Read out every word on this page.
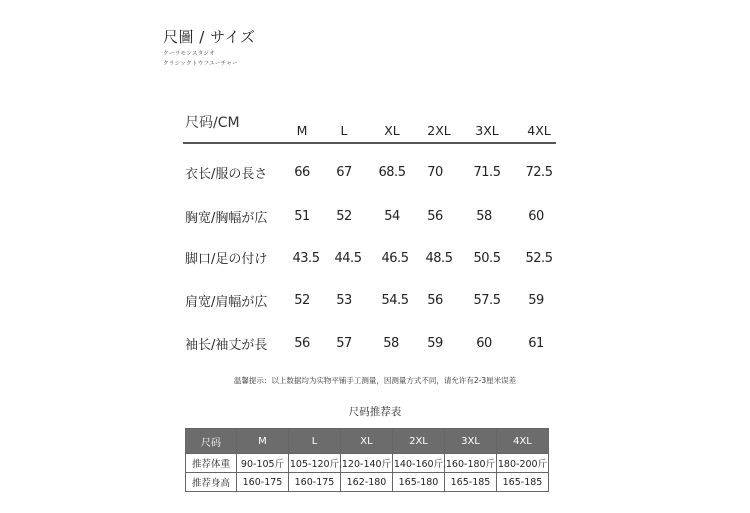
尺圖 / サイズ
クーラモンスタジオ
クラシックトウフユーチャー
尺码/CM	M	L	XL	2XL	3XL	4XL
衣长/服の長さ	66	67	68.5	70	71.5	72.5
胸宽/胸幅が広	51	52	54	56	58	60
脚口/足の付け	43.5	44.5	46.5	48.5	50.5	52.5
肩宽/肩幅が広	52	53	54.5	56	57.5	59
袖长/袖丈が長	56	57	58	59	60	61
温馨提示：以上数据均为实物平铺手工测量，因测量方式不同，请允许有2-3厘米误差
尺码推荐表
尺码	M	L	XL	2XL	3XL	4XL
推荐体重	90-105斤	105-120斤	120-140斤	140-160斤	160-180斤	180-200斤
推荐身高	160-175	160-175	162-180	165-180	165-185	165-185
